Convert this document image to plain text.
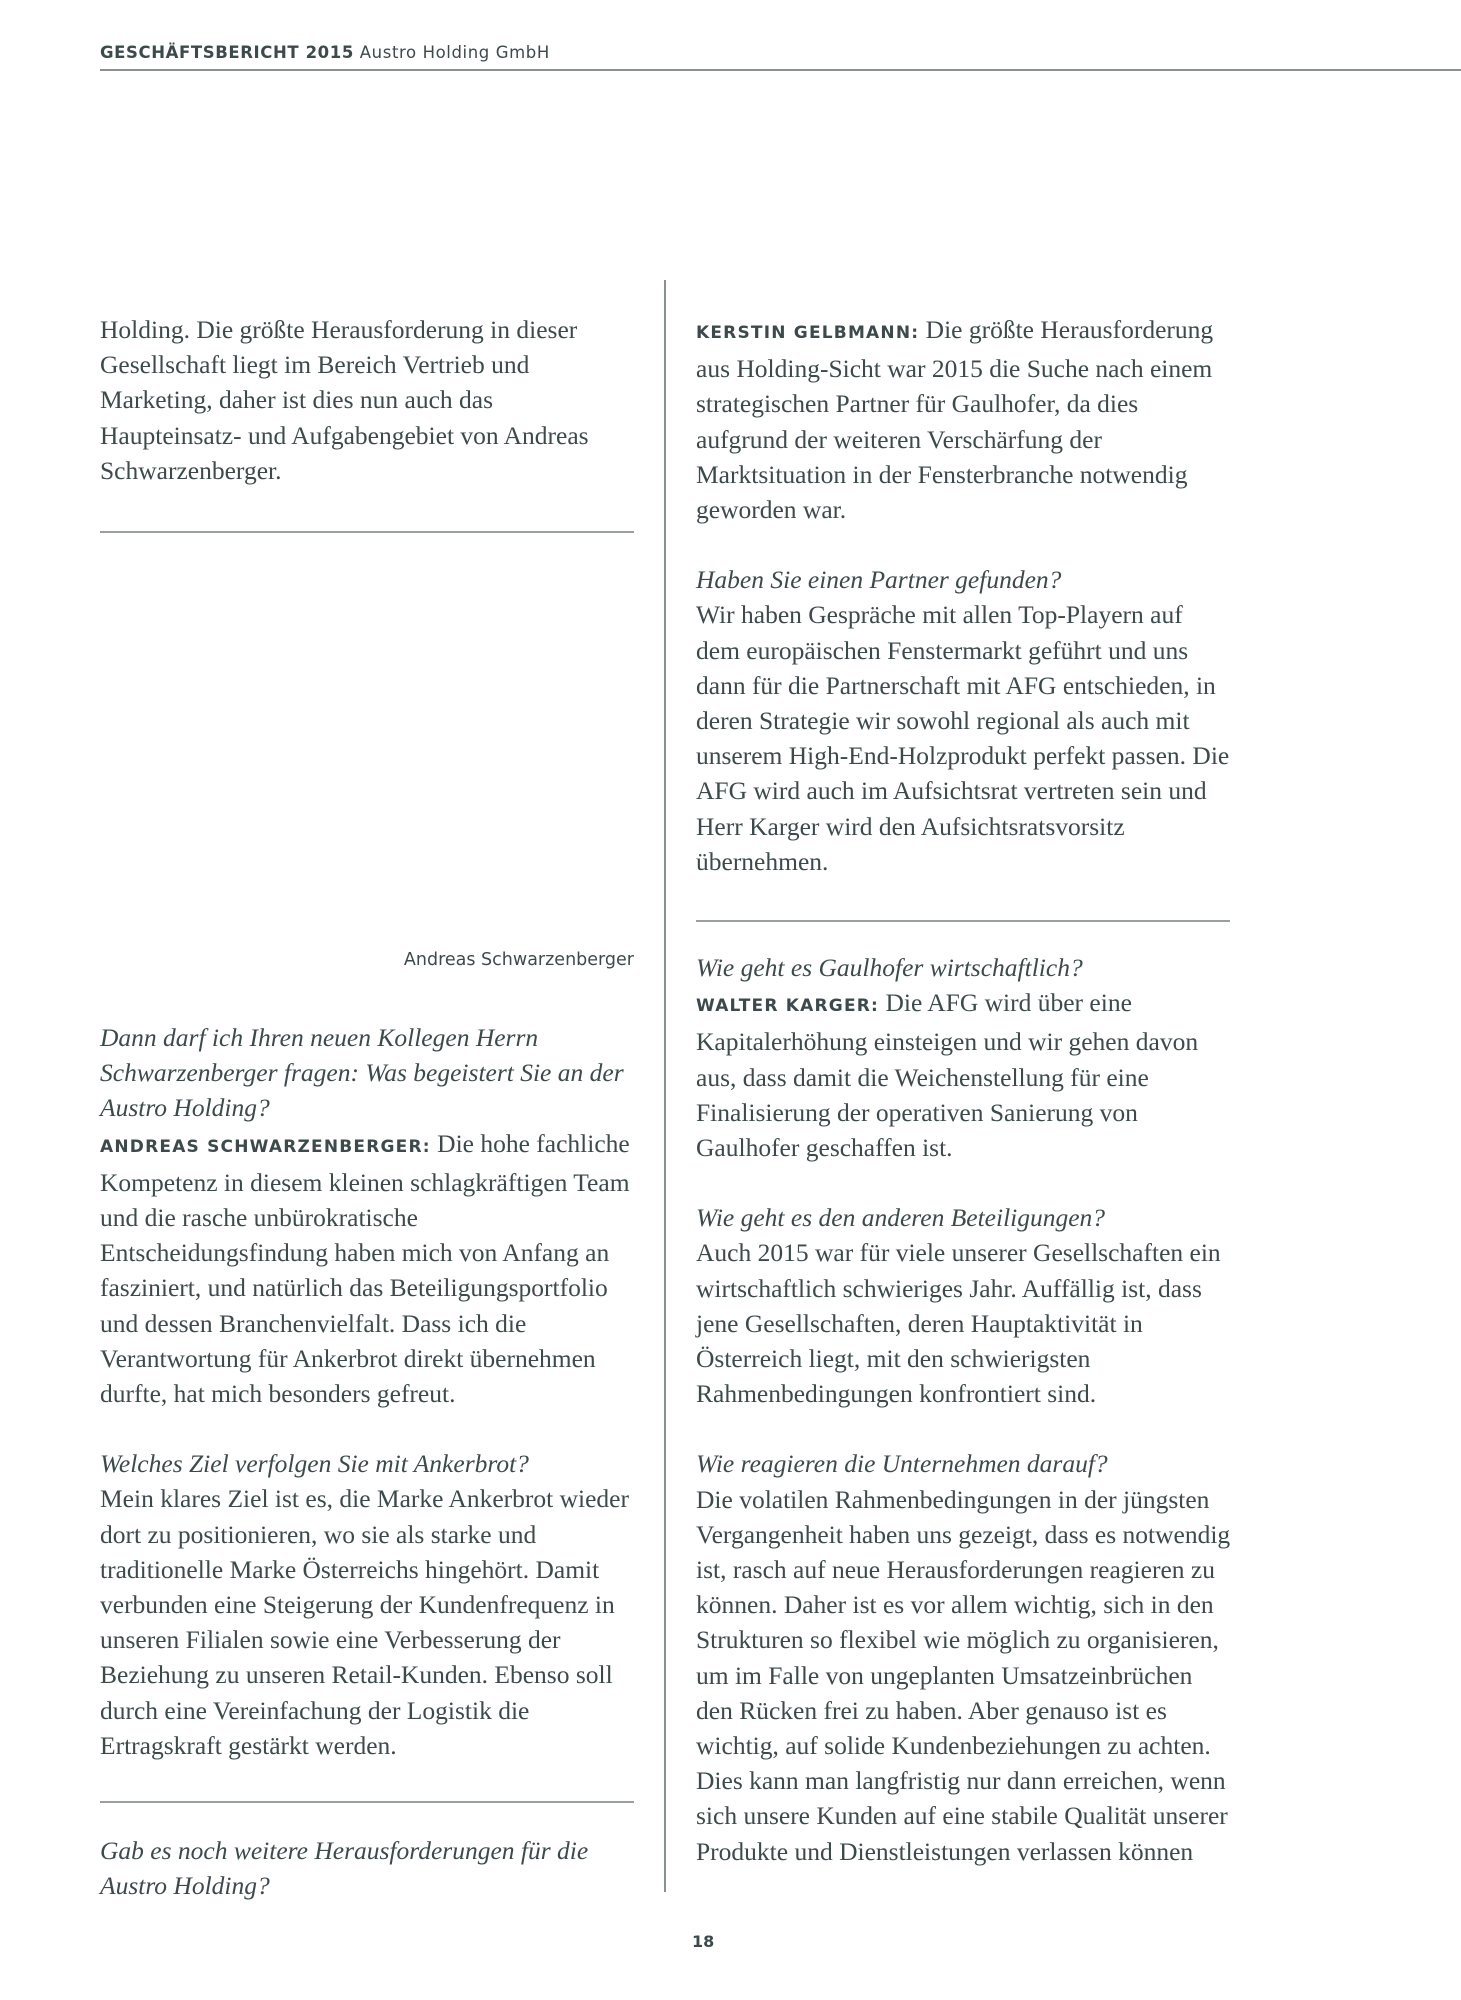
GESCHÄFTSBERICHT 2015 Austro Holding GmbH

Holding. Die größte Herausforderung in dieser Gesellschaft liegt im Bereich Vertrieb und Marketing, daher ist dies nun auch das Haupteinsatz- und Aufgabengebiet von Andreas Schwarzenberger.

Andreas Schwarzenberger

Dann darf ich Ihren neuen Kollegen Herrn Schwarzenberger fragen: Was begeistert Sie an der Austro Holding?

ANDREAS SCHWARZENBERGER: Die hohe fachliche Kompetenz in diesem kleinen schlagkräftigen Team und die rasche unbürokratische Entscheidungsfindung haben mich von Anfang an fasziniert, und natürlich das Beteiligungsportfolio und dessen Branchenvielfalt. Dass ich die Verantwortung für Ankerbrot direkt übernehmen durfte, hat mich besonders gefreut.

Welches Ziel verfolgen Sie mit Ankerbrot?

Mein klares Ziel ist es, die Marke Ankerbrot wieder dort zu positionieren, wo sie als starke und traditionelle Marke Österreichs hingehört. Damit verbunden eine Steigerung der Kundenfrequenz in unseren Filialen sowie eine Verbesserung der Beziehung zu unseren Retail-Kunden. Ebenso soll durch eine Vereinfachung der Logistik die Ertragskraft gestärkt werden.

Gab es noch weitere Herausforderungen für die Austro Holding?

KERSTIN GELBMANN: Die größte Herausforderung aus Holding-Sicht war 2015 die Suche nach einem strategischen Partner für Gaulhofer, da dies aufgrund der weiteren Verschärfung der Marktsituation in der Fensterbranche notwendig geworden war.

Haben Sie einen Partner gefunden?

Wir haben Gespräche mit allen Top-Playern auf dem europäischen Fenstermarkt geführt und uns dann für die Partnerschaft mit AFG entschieden, in deren Strategie wir sowohl regional als auch mit unserem High-End-Holzprodukt perfekt passen. Die AFG wird auch im Aufsichtsrat vertreten sein und Herr Karger wird den Aufsichtsratsvorsitz übernehmen.

Wie geht es Gaulhofer wirtschaftlich?

WALTER KARGER: Die AFG wird über eine Kapitalerhöhung einsteigen und wir gehen davon aus, dass damit die Weichenstellung für eine Finalisierung der operativen Sanierung von Gaulhofer geschaffen ist.

Wie geht es den anderen Beteiligungen?

Auch 2015 war für viele unserer Gesellschaften ein wirtschaftlich schwieriges Jahr. Auffällig ist, dass jene Gesellschaften, deren Hauptaktivität in Österreich liegt, mit den schwierigsten Rahmenbedingungen konfrontiert sind.

Wie reagieren die Unternehmen darauf?

Die volatilen Rahmenbedingungen in der jüngsten Vergangenheit haben uns gezeigt, dass es notwendig ist, rasch auf neue Herausforderungen reagieren zu können. Daher ist es vor allem wichtig, sich in den Strukturen so flexibel wie möglich zu organisieren, um im Falle von ungeplanten Umsatzeinbrüchen den Rücken frei zu haben. Aber genauso ist es wichtig, auf solide Kundenbeziehungen zu achten. Dies kann man langfristig nur dann erreichen, wenn sich unsere Kunden auf eine stabile Qualität unserer Produkte und Dienstleistungen verlassen können

18
